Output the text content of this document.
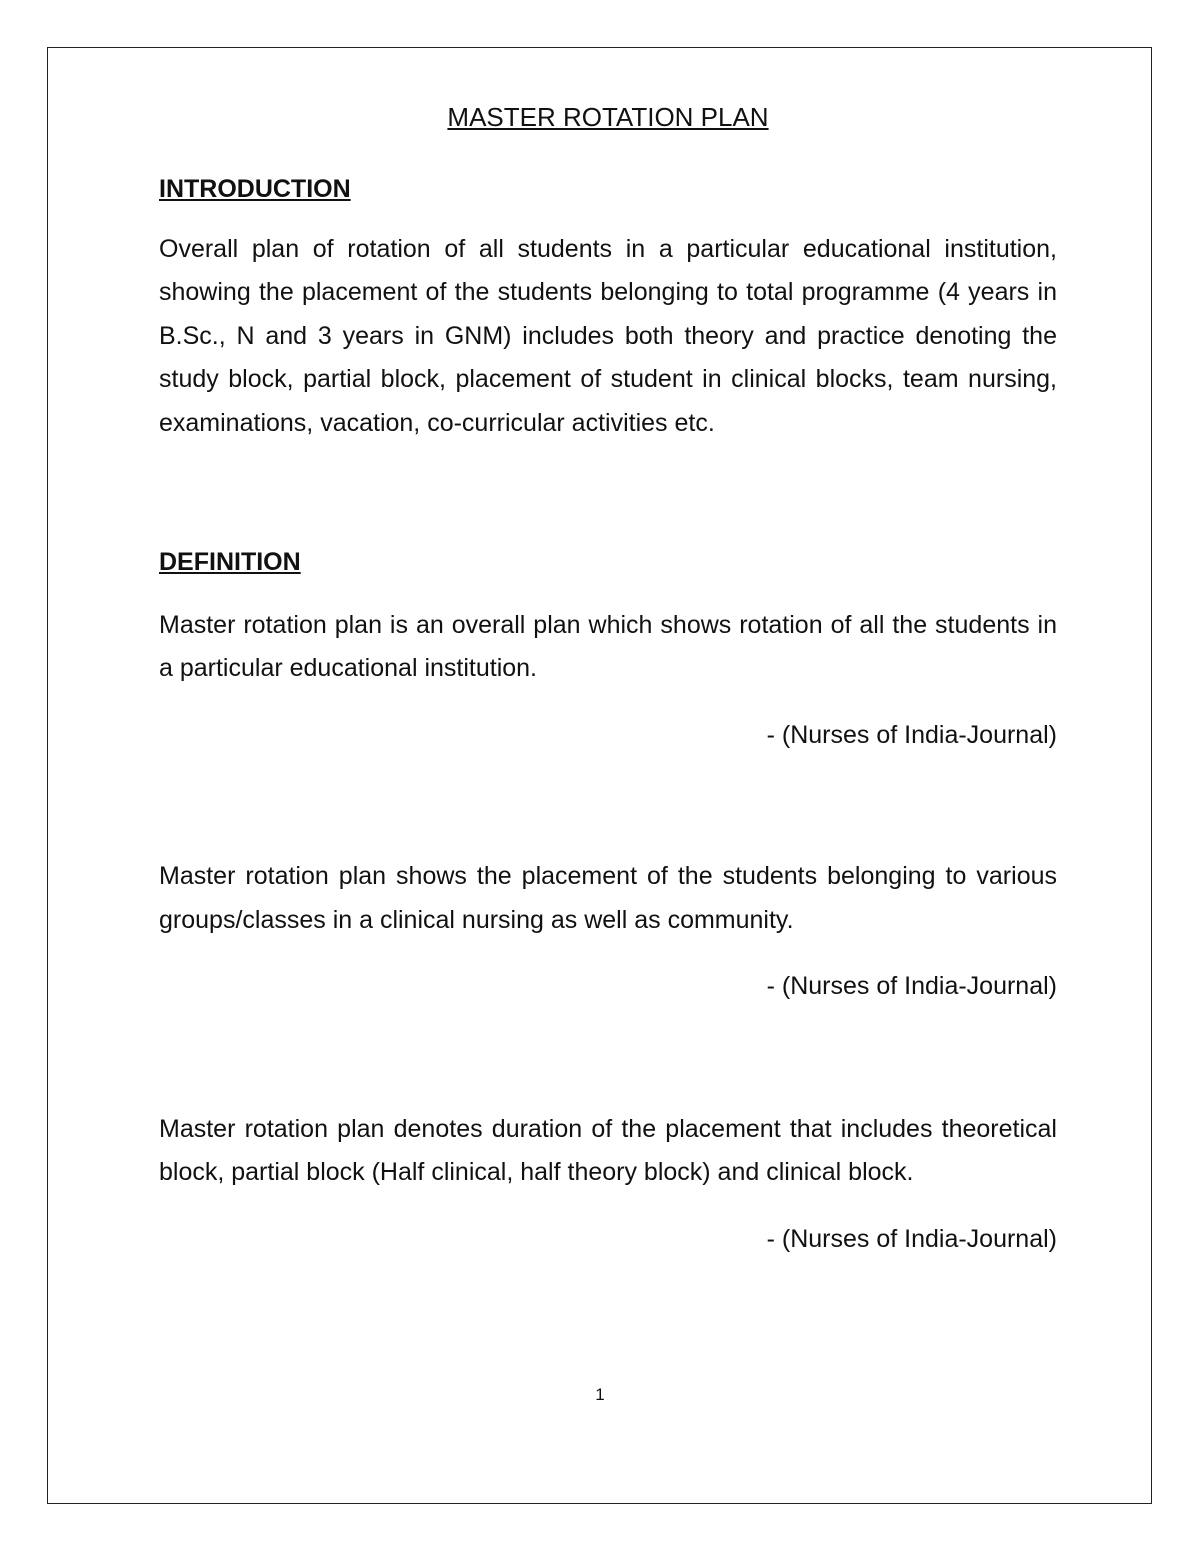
MASTER ROTATION PLAN
INTRODUCTION

Overall plan of rotation of all students in a particular educational institution, showing the placement of the students belonging to total programme (4 years in B.Sc., N and 3 years in GNM) includes both theory and practice denoting the study block, partial block, placement of student in clinical blocks, team nursing, examinations, vacation, co-curricular activities etc.

DEFINITION

Master rotation plan is an overall plan which shows rotation of all the students in a particular educational institution.

- (Nurses of India-Journal)

Master rotation plan shows the placement of the students belonging to various groups/classes in a clinical nursing as well as community.

- (Nurses of India-Journal)

Master rotation plan denotes duration of the placement that includes theoretical block, partial block (Half clinical, half theory block) and clinical block.

- (Nurses of India-Journal)

1
